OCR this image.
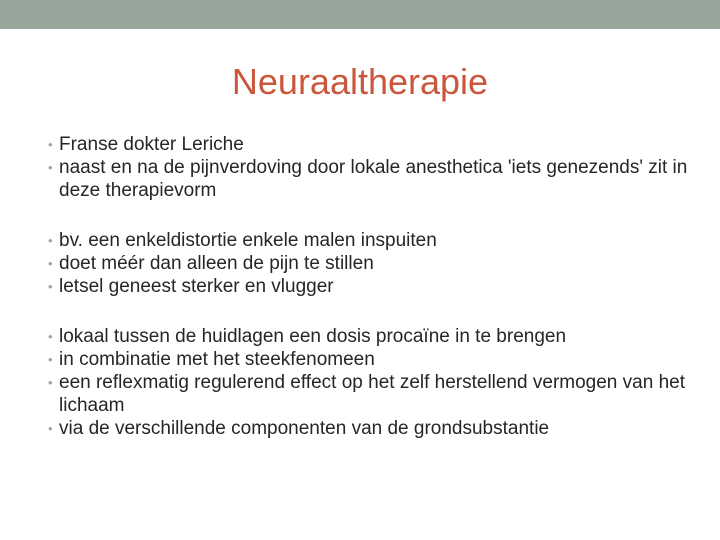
Neuraaltherapie
• Franse dokter Leriche
• naast en na de pijnverdoving door lokale anesthetica 'iets genezends' zit in deze therapievorm
• bv. een enkeldistortie enkele malen inspuiten
• doet méér dan alleen de pijn te stillen
• letsel geneest sterker en vlugger
• lokaal tussen de huidlagen een dosis procaïne in te brengen
• in combinatie met het steekfenomeen
• een reflexmatig regulerend effect op het zelf herstellend vermogen van het lichaam
• via de verschillende componenten van de grondsubstantie
